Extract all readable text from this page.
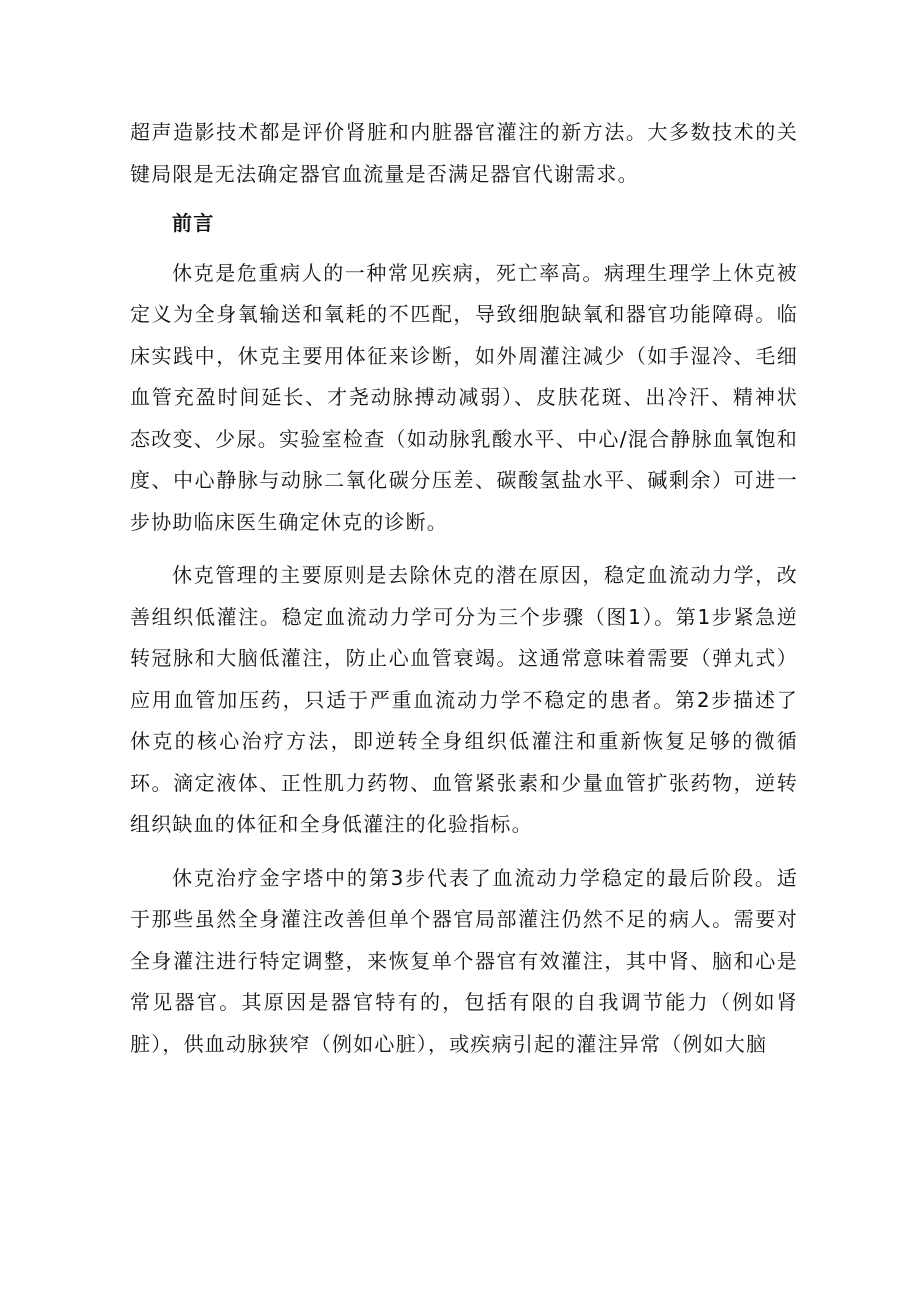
超声造影技术都是评价肾脏和内脏器官灌注的新方法。大多数技术的关键局限是无法确定器官血流量是否满足器官代谢需求。

前言

休克是危重病人的一种常见疾病，死亡率高。病理生理学上休克被定义为全身氧输送和氧耗的不匹配，导致细胞缺氧和器官功能障碍。临床实践中，休克主要用体征来诊断，如外周灌注减少（如手湿冷、毛细血管充盈时间延长、才尧动脉搏动减弱）、皮肤花斑、出冷汗、精神状态改变、少尿。实验室检查（如动脉乳酸水平、中心/混合静脉血氧饱和度、中心静脉与动脉二氧化碳分压差、碳酸氢盐水平、碱剩余）可进一步协助临床医生确定休克的诊断。

休克管理的主要原则是去除休克的潜在原因，稳定血流动力学，改善组织低灌注。稳定血流动力学可分为三个步骤（图1）。第1步紧急逆转冠脉和大脑低灌注，防止心血管衰竭。这通常意味着需要（弹丸式）应用血管加压药，只适于严重血流动力学不稳定的患者。第2步描述了休克的核心治疗方法，即逆转全身组织低灌注和重新恢复足够的微循环。滴定液体、正性肌力药物、血管紧张素和少量血管扩张药物，逆转组织缺血的体征和全身低灌注的化验指标。

休克治疗金字塔中的第3步代表了血流动力学稳定的最后阶段。适于那些虽然全身灌注改善但单个器官局部灌注仍然不足的病人。需要对全身灌注进行特定调整，来恢复单个器官有效灌注，其中肾、脑和心是常见器官。其原因是器官特有的，包括有限的自我调节能力（例如肾脏），供血动脉狭窄（例如心脏），或疾病引起的灌注异常（例如大脑
